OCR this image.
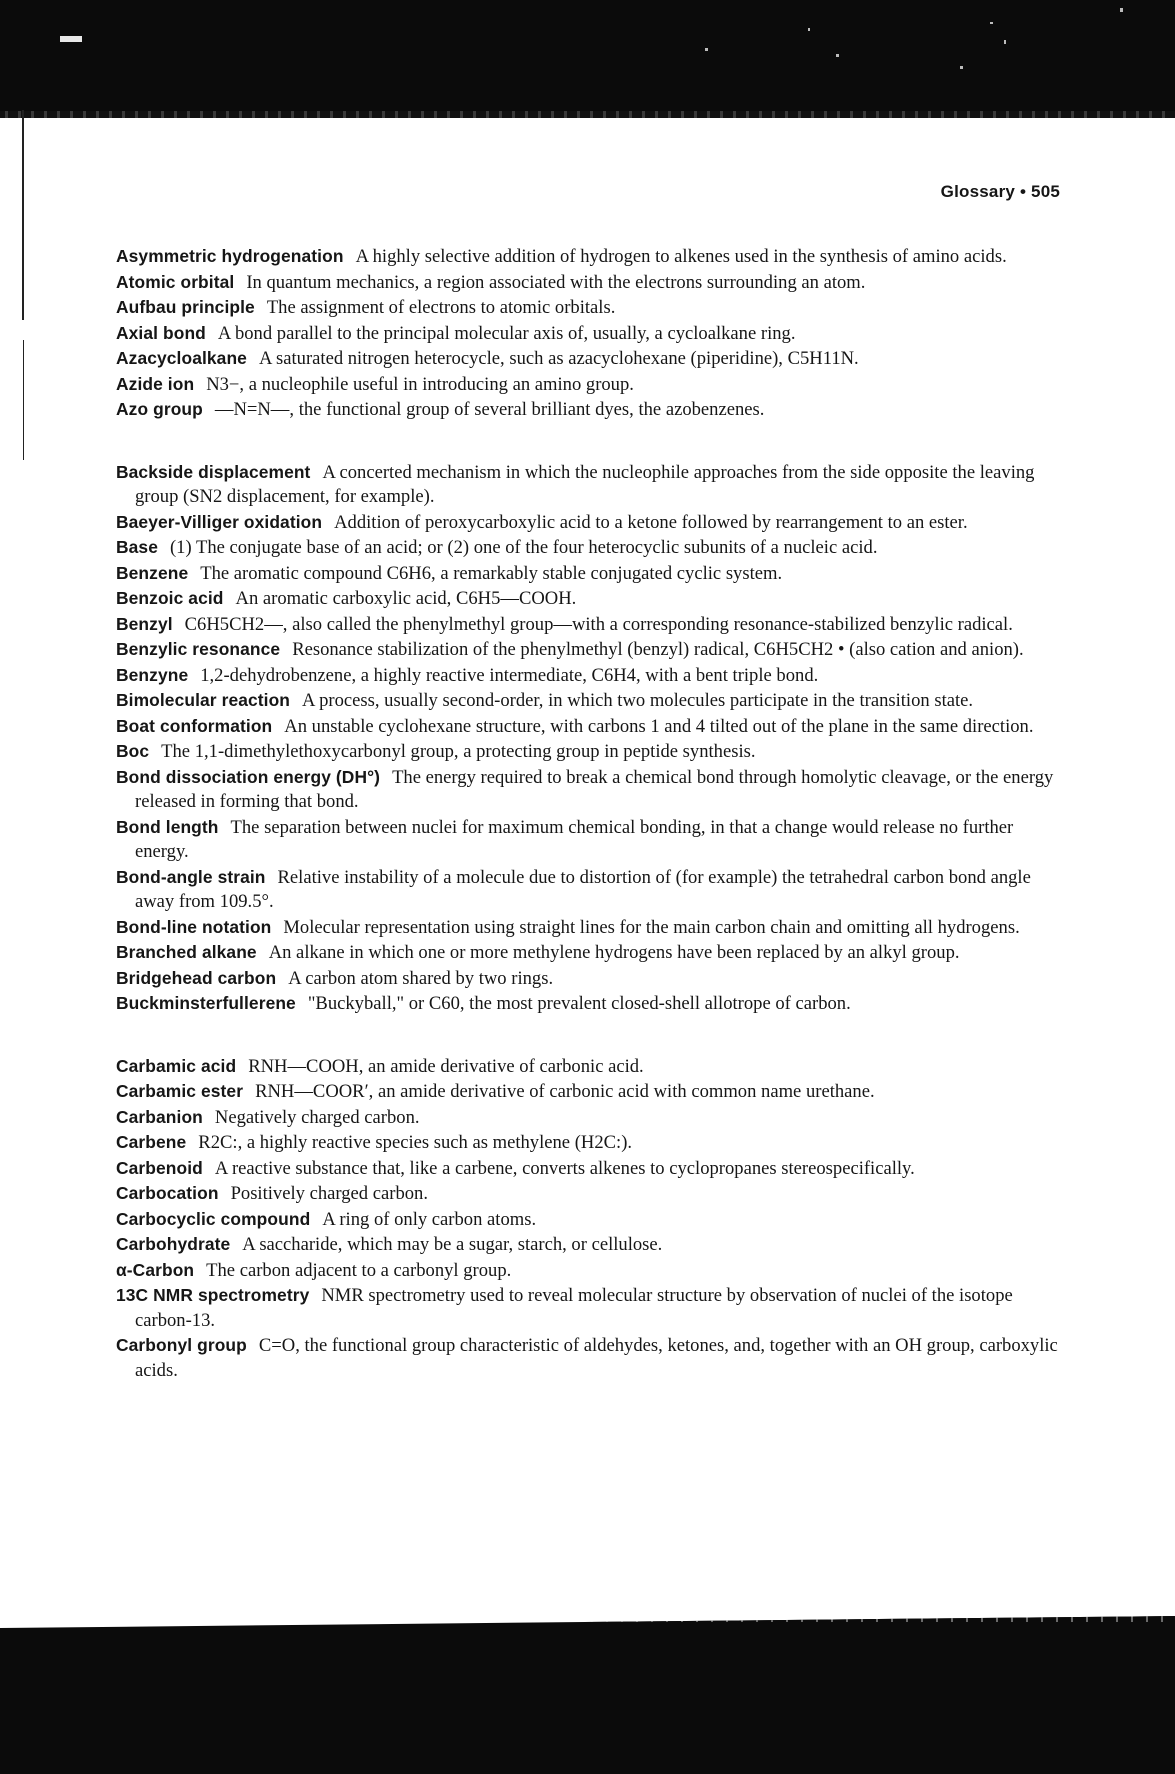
Glossary • 505

Asymmetric hydrogenation A highly selective addition of hydrogen to alkenes used in the synthesis of amino acids.

Atomic orbital In quantum mechanics, a region associated with the electrons surrounding an atom.

Aufbau principle The assignment of electrons to atomic orbitals.

Axial bond A bond parallel to the principal molecular axis of, usually, a cycloalkane ring.

Azacycloalkane A saturated nitrogen heterocycle, such as azacyclohexane (piperidine), C5H11N.

Azide ion N3−, a nucleophile useful in introducing an amino group.

Azo group —N=N—, the functional group of several brilliant dyes, the azobenzenes.

Backside displacement A concerted mechanism in which the nucleophile approaches from the side opposite the leaving group (SN2 displacement, for example).

Baeyer-Villiger oxidation Addition of peroxycarboxylic acid to a ketone followed by rearrangement to an ester.

Base (1) The conjugate base of an acid; or (2) one of the four heterocyclic subunits of a nucleic acid.

Benzene The aromatic compound C6H6, a remarkably stable conjugated cyclic system.

Benzoic acid An aromatic carboxylic acid, C6H5—COOH.

Benzyl C6H5CH2—, also called the phenylmethyl group—with a corresponding resonance-stabilized benzylic radical.

Benzylic resonance Resonance stabilization of the phenylmethyl (benzyl) radical, C6H5CH2 • (also cation and anion).

Benzyne 1,2-dehydrobenzene, a highly reactive intermediate, C6H4, with a bent triple bond.

Bimolecular reaction A process, usually second-order, in which two molecules participate in the transition state.

Boat conformation An unstable cyclohexane structure, with carbons 1 and 4 tilted out of the plane in the same direction.

Boc The 1,1-dimethylethoxycarbonyl group, a protecting group in peptide synthesis.

Bond dissociation energy (DH°) The energy required to break a chemical bond through homolytic cleavage, or the energy released in forming that bond.

Bond length The separation between nuclei for maximum chemical bonding, in that a change would release no further energy.

Bond-angle strain Relative instability of a molecule due to distortion of (for example) the tetrahedral carbon bond angle away from 109.5°.

Bond-line notation Molecular representation using straight lines for the main carbon chain and omitting all hydrogens.

Branched alkane An alkane in which one or more methylene hydrogens have been replaced by an alkyl group.

Bridgehead carbon A carbon atom shared by two rings.

Buckminsterfullerene "Buckyball," or C60, the most prevalent closed-shell allotrope of carbon.

Carbamic acid RNH—COOH, an amide derivative of carbonic acid.

Carbamic ester RNH—COOR′, an amide derivative of carbonic acid with common name urethane.

Carbanion Negatively charged carbon.

Carbene R2C:, a highly reactive species such as methylene (H2C:).

Carbenoid A reactive substance that, like a carbene, converts alkenes to cyclopropanes stereospecifically.

Carbocation Positively charged carbon.

Carbocyclic compound A ring of only carbon atoms.

Carbohydrate A saccharide, which may be a sugar, starch, or cellulose.

α-Carbon The carbon adjacent to a carbonyl group.

13C NMR spectrometry NMR spectrometry used to reveal molecular structure by observation of nuclei of the isotope carbon-13.

Carbonyl group C=O, the functional group characteristic of aldehydes, ketones, and, together with an OH group, carboxylic acids.
